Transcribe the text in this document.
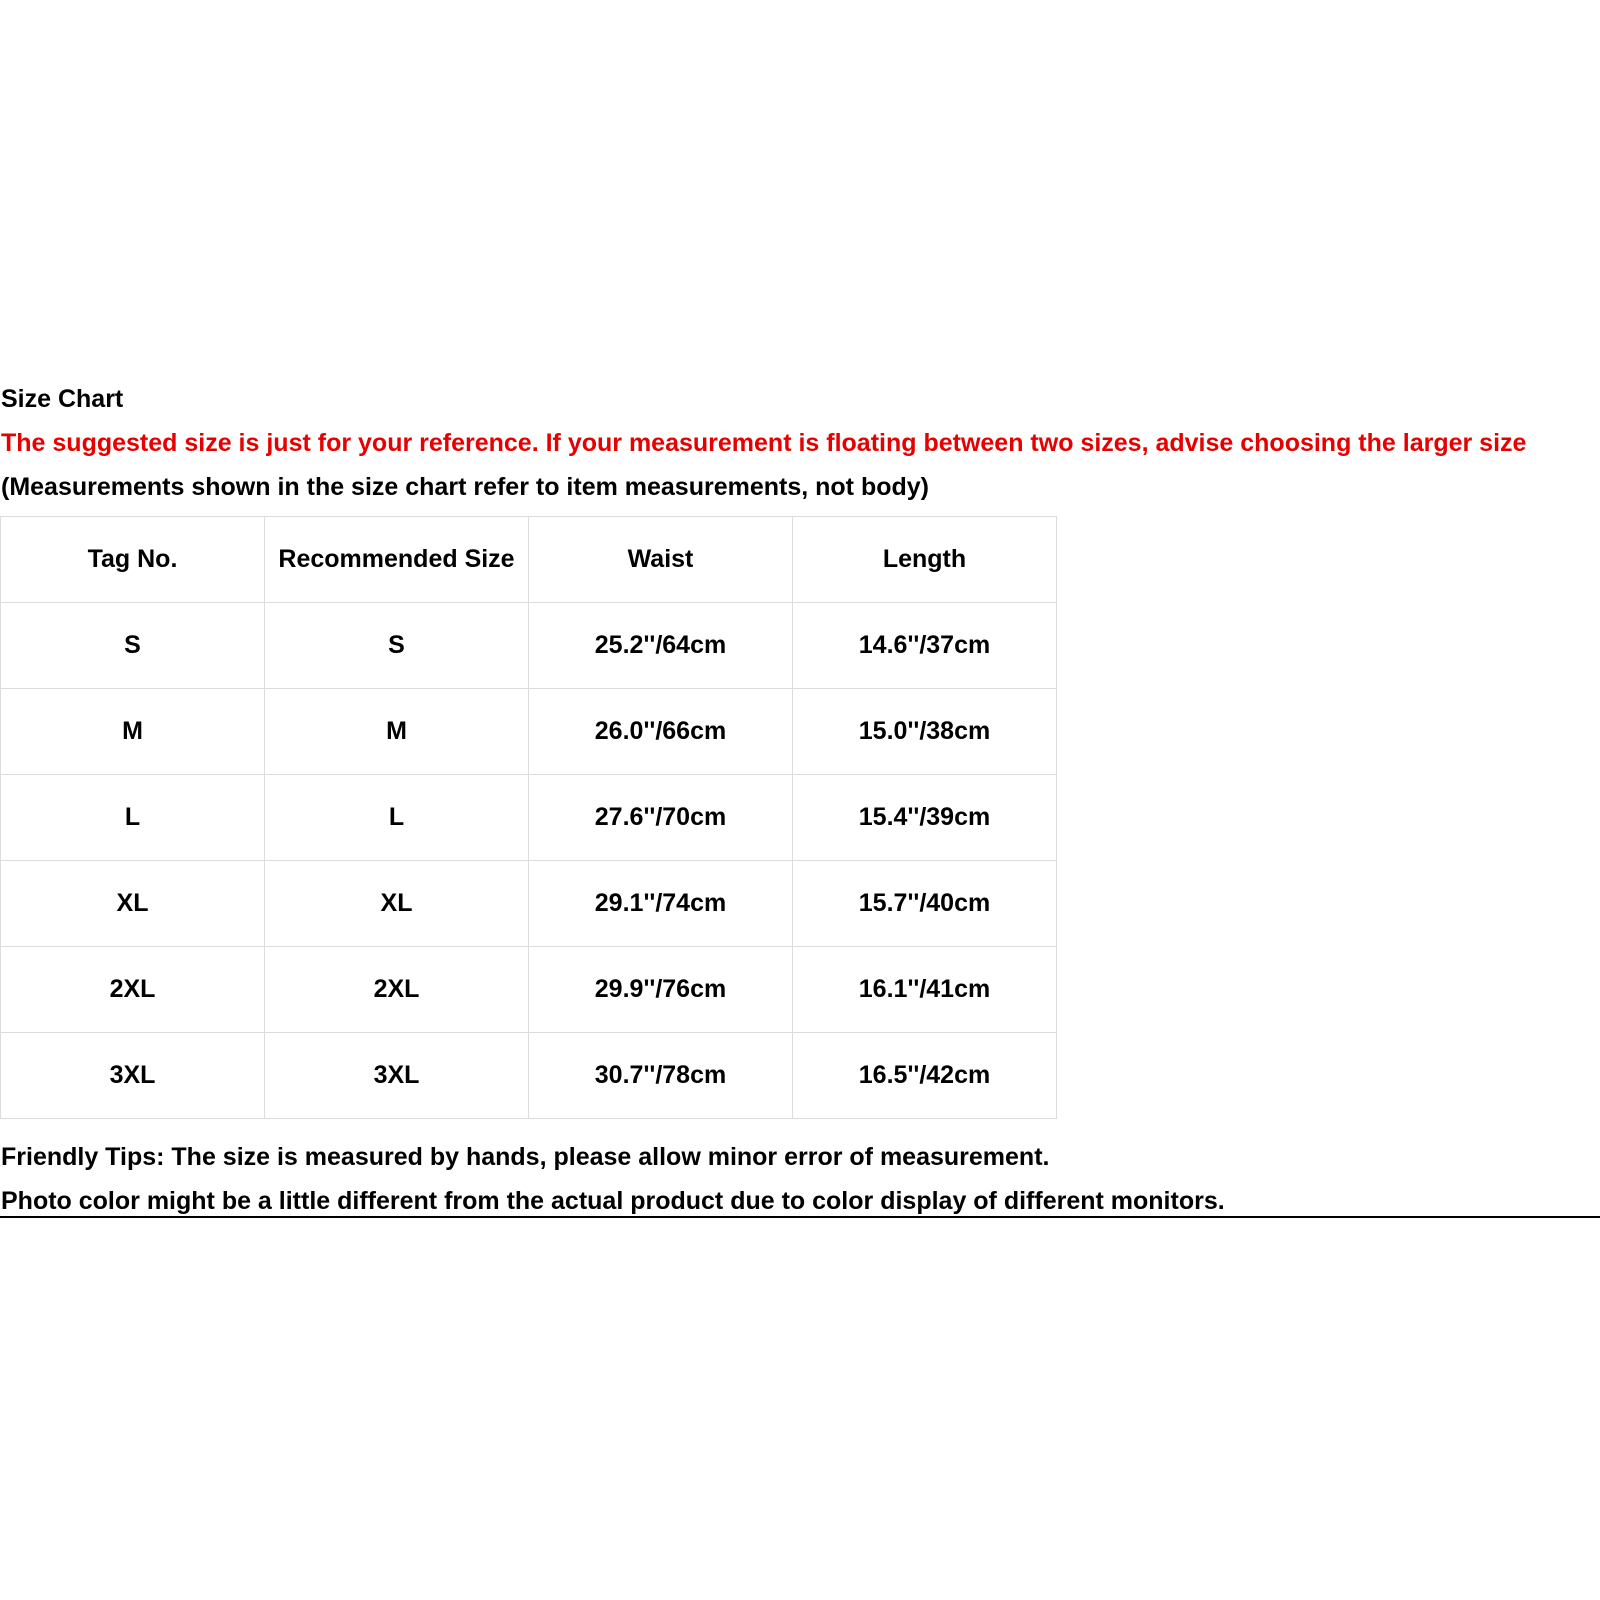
Size Chart
The suggested size is just for your reference. If your measurement is floating between two sizes, advise choosing the larger size
(Measurements shown in the size chart refer to item measurements, not body)
Tag No.	Recommended Size	Waist	Length
S	S	25.2''/64cm	14.6''/37cm
M	M	26.0''/66cm	15.0''/38cm
L	L	27.6''/70cm	15.4''/39cm
XL	XL	29.1''/74cm	15.7''/40cm
2XL	2XL	29.9''/76cm	16.1''/41cm
3XL	3XL	30.7''/78cm	16.5''/42cm
Friendly Tips: The size is measured by hands, please allow minor error of measurement.
Photo color might be a little different from the actual product due to color display of different monitors.
